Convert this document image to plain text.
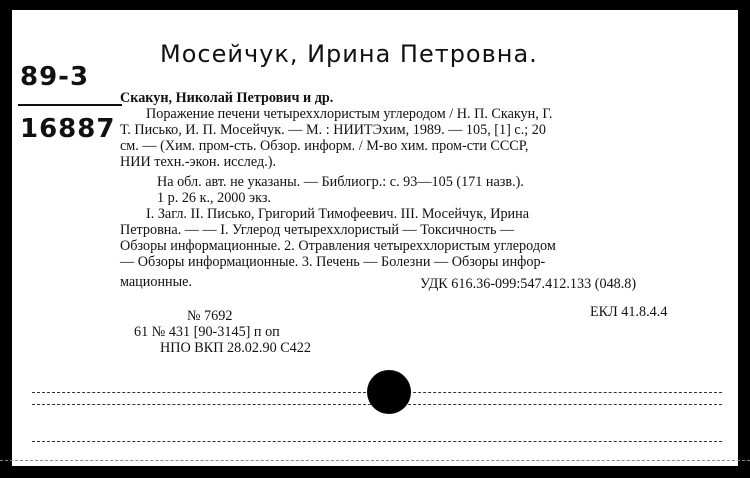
Мосейчук, Ирина Петровна.
89-3
16887
Скакун, Николай Петрович и др.
Поражение печени четыреххлористым углеродом / Н. П. Скакун, Г.
Т. Писько, И. П. Мосейчук. — М. : НИИТЭхим, 1989. — 105, [1] с.; 20
см. — (Хим. пром-сть. Обзор. информ. / М-во хим. пром-сти СССР,
НИИ техн.-экон. исслед.).
На обл. авт. не указаны. — Библиогр.: с. 93—105 (171 назв.).
1 р. 26 к., 2000 экз.
I. Загл. II. Писько, Григорий Тимофеевич. III. Мосейчук, Ирина
Петровна. — — I. Углерод четыреххлористый — Токсичность —
Обзоры информационные. 2. Отравления четыреххлористым углеродом
— Обзоры информационные. 3. Печень — Болезни — Обзоры инфор-
мационные.	УДК 616.36-099:547.412.133 (048.8)
№ 7692	ЕКЛ 41.8.4.4
61 № 431 [90-3145] п оп
НПО ВКП 28.02.90 С422
